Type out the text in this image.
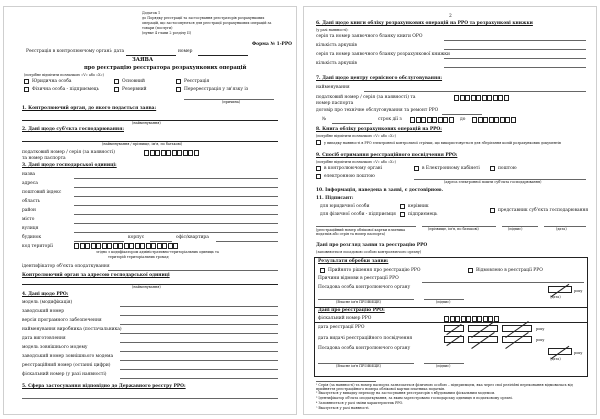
Додаток 1
до Порядку реєстрації та застосування реєстраторів розрахункових
операцій, що застосовуються для реєстрації розрахункових операцій за
товари (послуги)
(пункт 4 глави 2 розділу II)
Форма № 1-РРО
Реєстрація в контролюючому органі: дата	номер
ЗАЯВА
про реєстрацію реєстратора розрахункових операцій
(потрібне відмітити позначкою «V» або «Х»)
Юридична особа
Фізична особа - підприємець
Основний
Резервний
Реєстрація
Перереєстрація у зв'язку із
(причина)
1. Контролюючий орган, до якого подається заява:
(найменування)
2. Дані щодо суб'єкта господарювання:
(найменування / прізвище, ім'я, по батькові)
податковий номер / серія (за наявності) та номер паспорта
3. Дані щодо господарської одиниці:
назва
адреса
поштовий індекс
область
район
місто
вулиця
будинок	корпус	офіс/квартира
код території
згідно з кодифікатором адміністративно-територіальних одиниць та
територій територіальних громад
ідентифікатор об'єкта оподаткування
Контролюючий орган за адресою господарської одиниці
(найменування)
4. Дані щодо РРО:
модель (модифікація)
заводський номер
версія програмного забезпечення
найменування виробника (постачальника)
дата виготовлення
модель зовнішнього модему
заводський номер зовнішнього модема
реєстраційний номер (останні цифри)
фіскальний номер (у разі наявності)
5. Сфера застосування відповідно до Державного реєстру РРО:
2
6. Дані щодо книги обліку розрахункових операцій на РРО та розрахункові книжки
(у разі наявності):
серія та номер заявочного бланку книги ОРО
кількість аркушів
серія та номер заявочного бланку розрахункової книжки
кількість аркушів
7. Дані щодо центру сервісного обслуговування:
найменування
податковий номер / серія (за наявності) та номер паспорта
договір про технічне обслуговування та ремонт РРО
№	строк дії з	до
8. Книга обліку розрахункових операцій на РРО:
(потрібне відмітити позначкою «V» або «Х»)
у випадку наявності в РРО електронної контрольної стрічки, що використовується для зберігання копій розрахункових документів
9. Спосіб отримання реєстраційного посвідчення РРО:
(потрібне відмітити позначкою «V» або «Х»)
в контролюючому органі	в Електронному кабінеті	поштою
електронною поштою
(адреса електронної пошти суб'єкта господарювання)
10. Інформація, наведена в заяві, є достовірною.
11. Підписант:
для юридичної особи	керівник
для фізичної особи - підприємця	підприємець
представник суб'єкта господарювання
(реєстраційний номер облікової картки платника податків або серія та номер паспорта)
(прізвище, ім'я, по батькові)	(підпис)	(дата)
Дані про розгляд заяви та реєстрацію РРО
(заповнюється посадовою особою контролюючого органу)
Результати обробки заяви:
Прийнято рішення про реєстрацію РРО	Відмовлено в реєстрації РРО
Причини відмови в реєстрації РРО
Посадова особа контролюючого органу
року
(Власне ім'я ПРІЗВИЩЕ)	(підпис)
(дата)
Дані про реєстрацію РРО:
фіскальний номер РРО
дата реєстрації РРО	року
дата видачі реєстраційного посвідчення	року
Посадова особа контролюючого органу
року
(Власне ім'я ПРІЗВИЩЕ)	(підпис)
(дата)
¹ Серія (за наявності) та номер паспорта зазначається фізичною особою – підприємцем, яка через свої релігійні переконання відмовилась від прийняття реєстраційного номера облікової картки платника податків.
² Вказується у випадку переходу на застосування реєстраторів з вбудованим фіскальним модемом.
³ Ідентифікатор об'єкта оподаткування, за яким зареєстровано господарську одиницю в податковому органі.
⁴ Заповнюється у разі зміни характеристик РРО.
⁵ Вказується у разі наявності.
